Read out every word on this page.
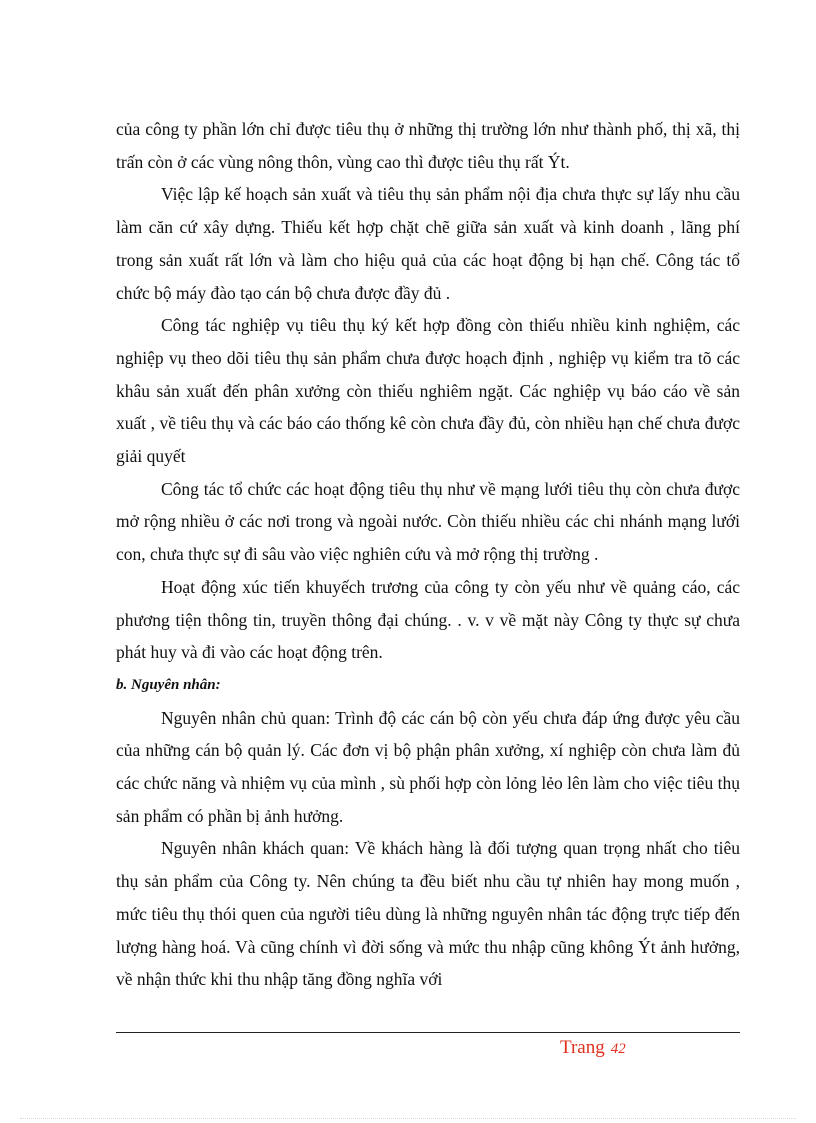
của công ty phần lớn chỉ được tiêu thụ ở những thị trường lớn như thành phố, thị xã, thị trấn còn ở các vùng nông thôn, vùng cao thì được tiêu thụ rất Ýt.

Việc lập kế hoạch sản xuất và tiêu thụ sản phẩm nội địa chưa thực sự lấy nhu cầu làm căn cứ xây dựng. Thiếu kết hợp chặt chẽ giữa sản xuất và kinh doanh , lãng phí trong sản xuất rất lớn và làm cho hiệu quả của các hoạt động bị hạn chế. Công tác tổ chức bộ máy đào tạo cán bộ chưa được đầy đủ .

Công tác nghiệp vụ tiêu thụ ký kết hợp đồng còn thiếu nhiều kinh nghiệm, các nghiệp vụ theo dõi tiêu thụ sản phẩm chưa được hoạch định , nghiệp vụ kiểm tra tõ các khâu sản xuất đến phân xưởng còn thiếu nghiêm ngặt. Các nghiệp vụ báo cáo về sản xuất , về tiêu thụ và các báo cáo thống kê còn chưa đầy đủ, còn nhiều hạn chế chưa được giải quyết

Công tác tổ chức các hoạt động tiêu thụ như về mạng lưới tiêu thụ còn chưa được mở rộng nhiều ở các nơi trong và ngoài nước. Còn thiếu nhiều các chi nhánh mạng lưới con, chưa thực sự đi sâu vào việc nghiên cứu và mở rộng thị trường .

Hoạt động xúc tiến khuyếch trương của công ty còn yếu như về quảng cáo, các phương tiện thông tin, truyền thông đại chúng. . v. v về mặt này Công ty thực sự chưa phát huy và đi vào các hoạt động trên.

b. Nguyên nhân:

Nguyên nhân chủ quan: Trình độ các cán bộ còn yếu chưa đáp ứng được yêu cầu của những cán bộ quản lý. Các đơn vị bộ phận phân xưởng, xí nghiệp còn chưa làm đủ các chức năng và nhiệm vụ của mình , sù phối hợp còn lỏng lẻo lên làm cho việc tiêu thụ sản phẩm có phần bị ảnh hưởng.

Nguyên nhân khách quan: Về khách hàng là đối tượng quan trọng nhất cho tiêu thụ sản phẩm của Công ty. Nên chúng ta đều biết nhu cầu tự nhiên hay mong muốn , mức tiêu thụ thói quen của người tiêu dùng là những nguyên nhân tác động trực tiếp đến lượng hàng hoá. Và cũng chính vì đời sống và mức thu nhập cũng không Ýt ảnh hưởng, về nhận thức khi thu nhập tăng đồng nghĩa với

Trang 42
